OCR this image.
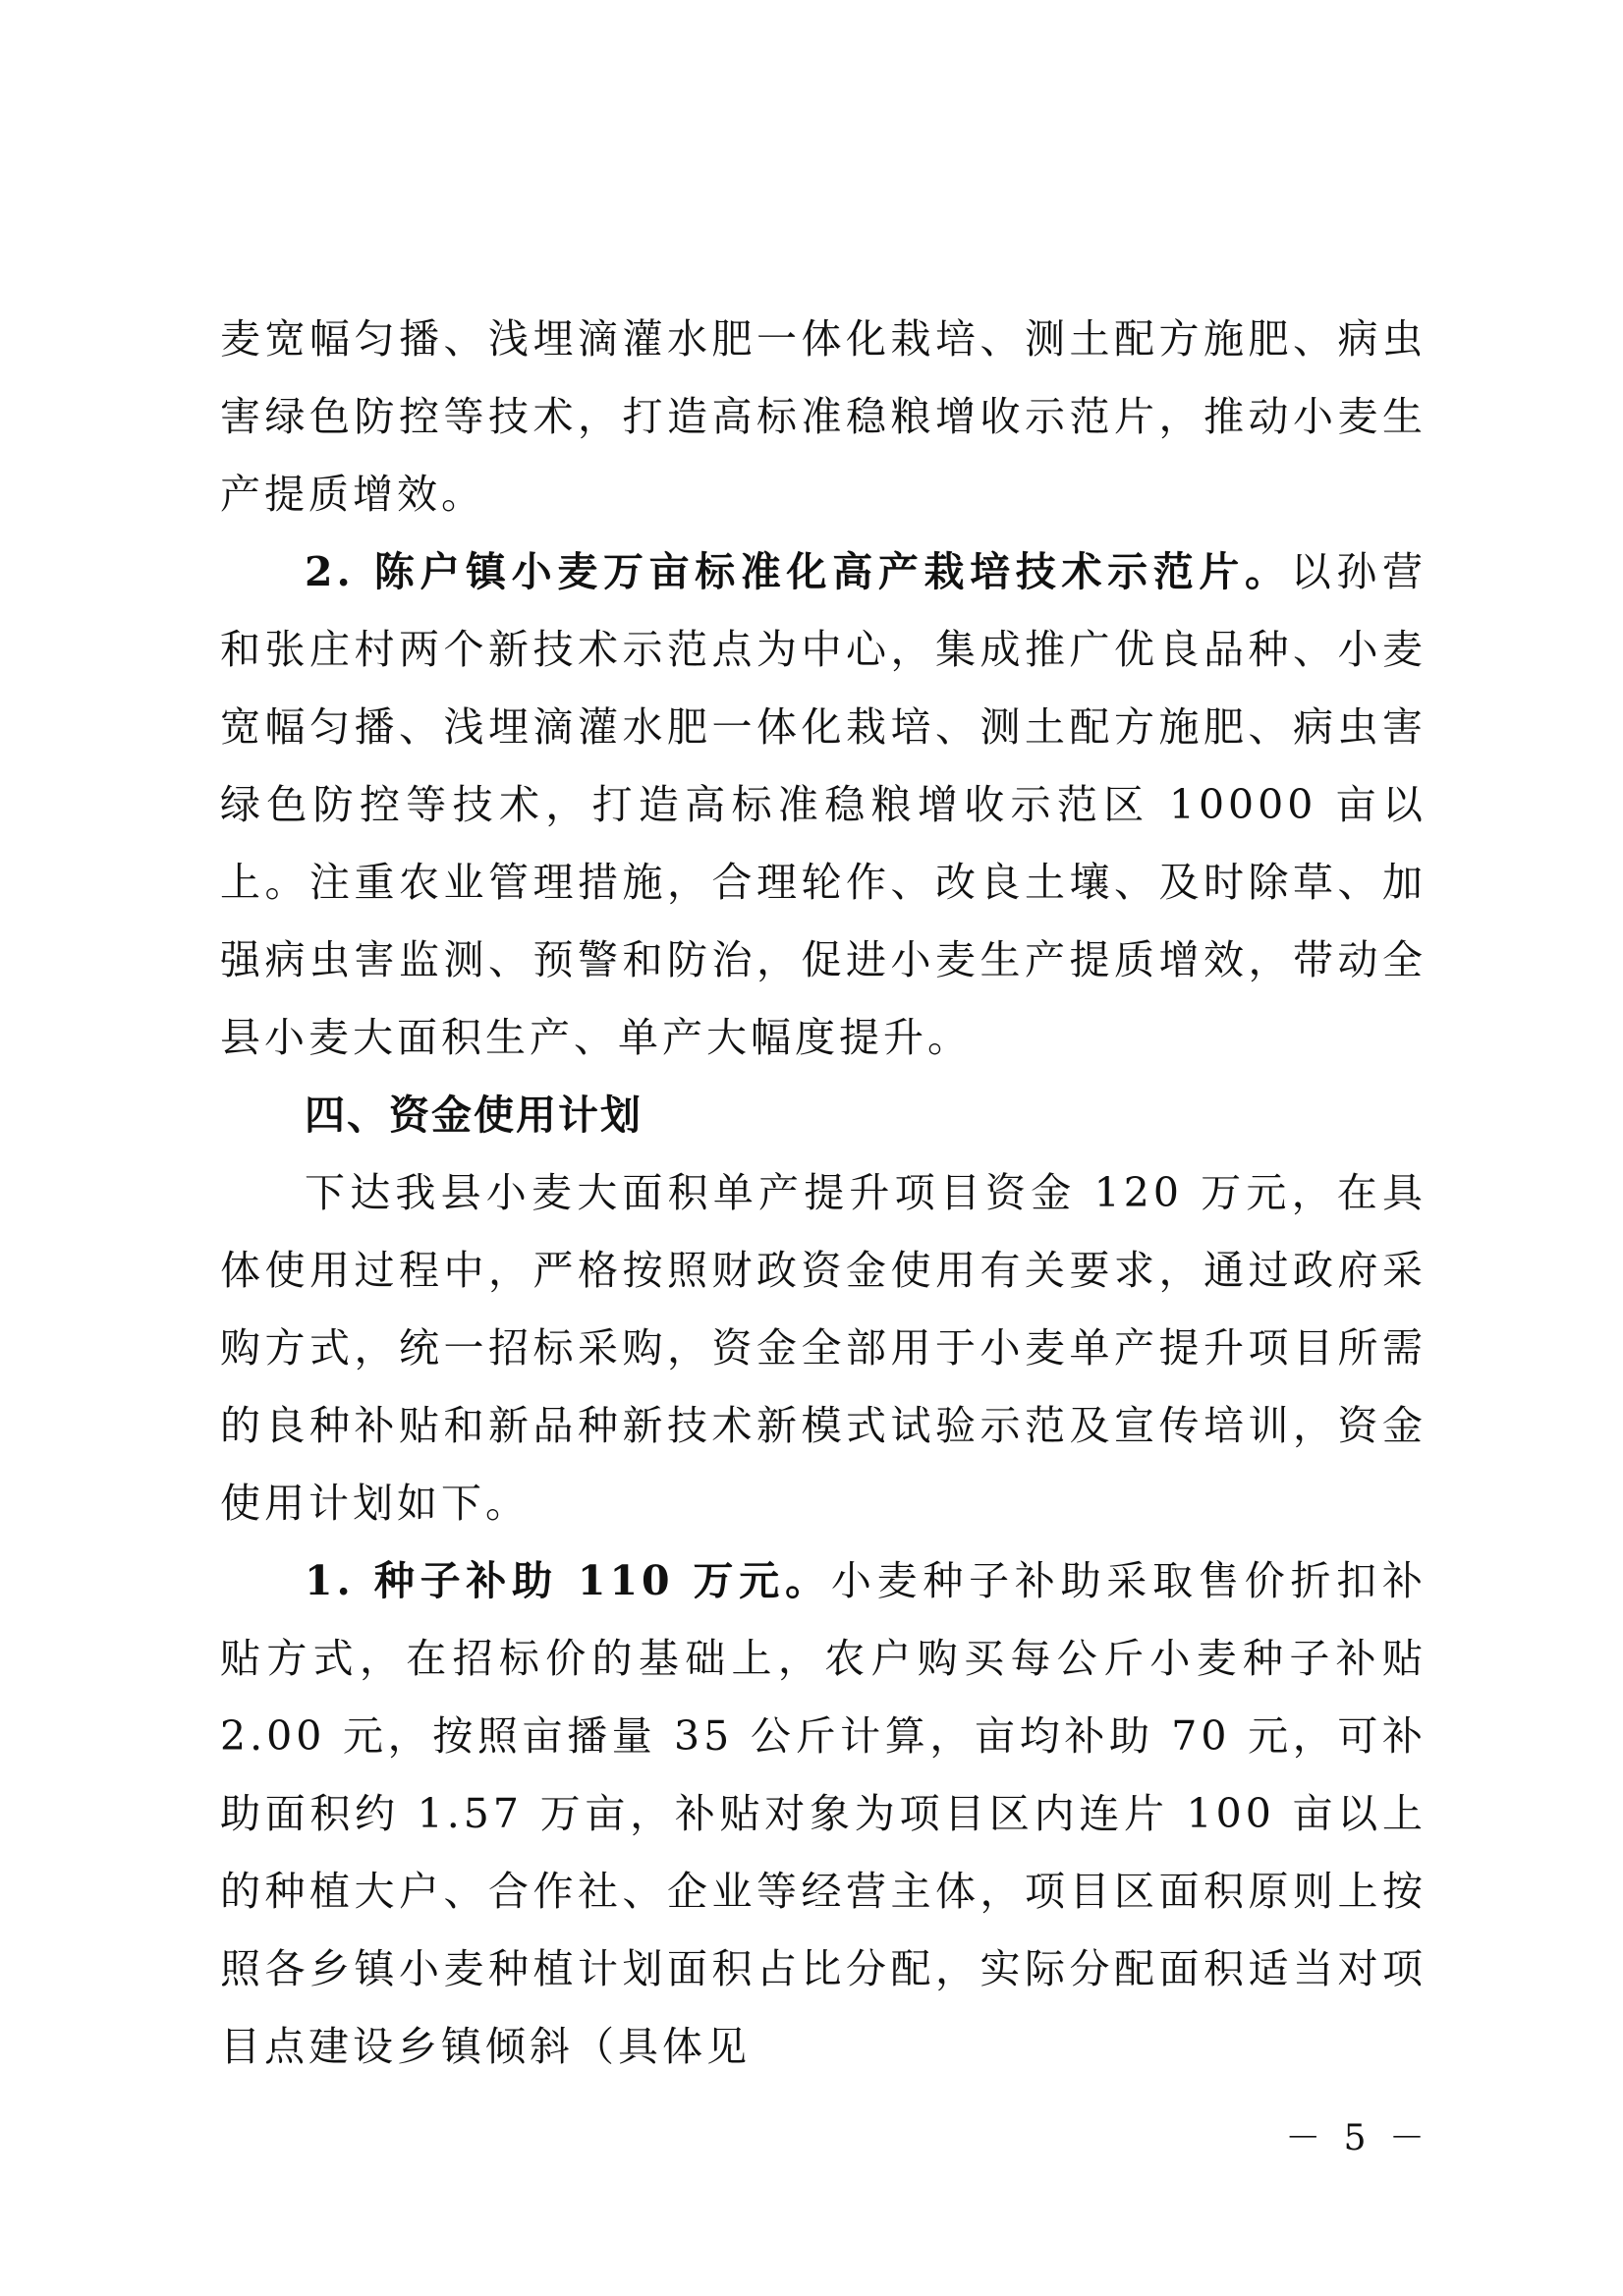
麦宽幅匀播、浅埋滴灌水肥一体化栽培、测土配方施肥、病虫害绿色防控等技术，打造高标准稳粮增收示范片，推动小麦生产提质增效。

2. 陈户镇小麦万亩标准化高产栽培技术示范片。以孙营和张庄村两个新技术示范点为中心，集成推广优良品种、小麦宽幅匀播、浅埋滴灌水肥一体化栽培、测土配方施肥、病虫害绿色防控等技术，打造高标准稳粮增收示范区 10000 亩以上。注重农业管理措施，合理轮作、改良土壤、及时除草、加强病虫害监测、预警和防治，促进小麦生产提质增效，带动全县小麦大面积生产、单产大幅度提升。

四、资金使用计划

下达我县小麦大面积单产提升项目资金 120 万元，在具体使用过程中，严格按照财政资金使用有关要求，通过政府采购方式，统一招标采购，资金全部用于小麦单产提升项目所需的良种补贴和新品种新技术新模式试验示范及宣传培训，资金使用计划如下。

1. 种子补助 110 万元。小麦种子补助采取售价折扣补贴方式，在招标价的基础上，农户购买每公斤小麦种子补贴 2.00 元，按照亩播量 35 公斤计算，亩均补助 70 元，可补助面积约 1.57 万亩，补贴对象为项目区内连片 100 亩以上的种植大户、合作社、企业等经营主体，项目区面积原则上按照各乡镇小麦种植计划面积占比分配，实际分配面积适当对项目点建设乡镇倾斜（具体见

－ 5 －
